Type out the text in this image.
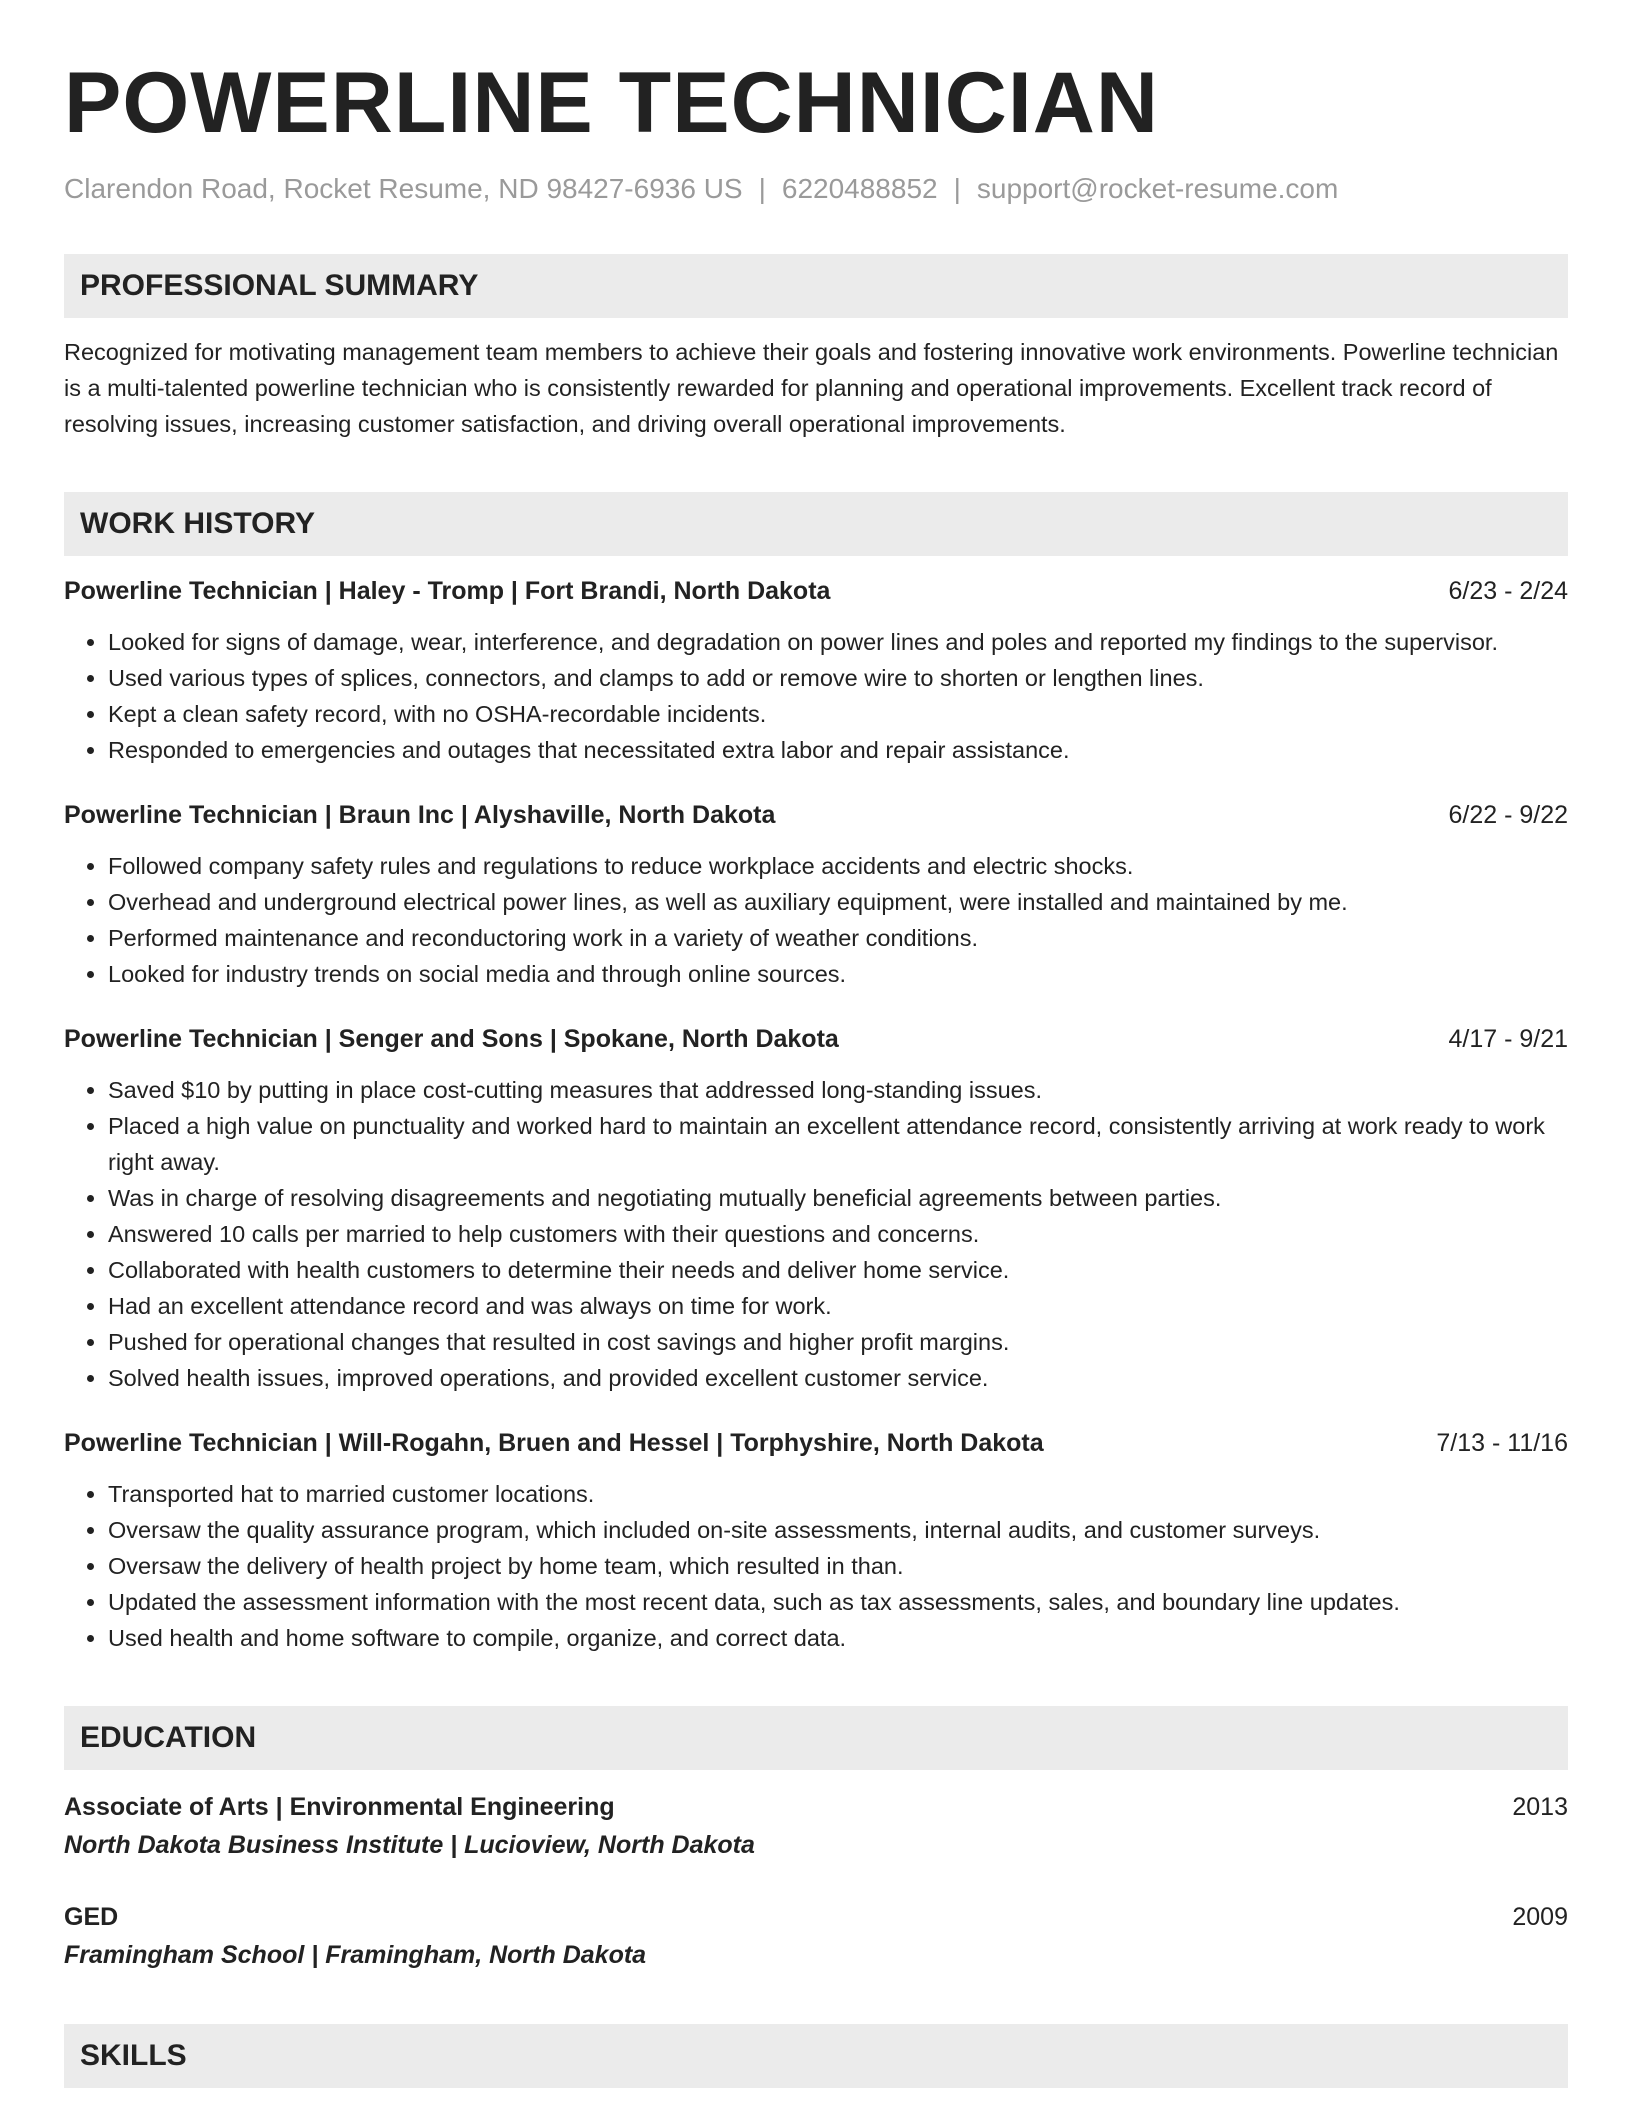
POWERLINE TECHNICIAN
Clarendon Road, Rocket Resume, ND 98427-6936 US | 6220488852 | support@rocket-resume.com
PROFESSIONAL SUMMARY
Recognized for motivating management team members to achieve their goals and fostering innovative work environments. Powerline technician is a multi-talented powerline technician who is consistently rewarded for planning and operational improvements. Excellent track record of resolving issues, increasing customer satisfaction, and driving overall operational improvements.
WORK HISTORY
Powerline Technician | Haley - Tromp | Fort Brandi, North Dakota	6/23 - 2/24
• Looked for signs of damage, wear, interference, and degradation on power lines and poles and reported my findings to the supervisor.
• Used various types of splices, connectors, and clamps to add or remove wire to shorten or lengthen lines.
• Kept a clean safety record, with no OSHA-recordable incidents.
• Responded to emergencies and outages that necessitated extra labor and repair assistance.
Powerline Technician | Braun Inc | Alyshaville, North Dakota	6/22 - 9/22
• Followed company safety rules and regulations to reduce workplace accidents and electric shocks.
• Overhead and underground electrical power lines, as well as auxiliary equipment, were installed and maintained by me.
• Performed maintenance and reconductoring work in a variety of weather conditions.
• Looked for industry trends on social media and through online sources.
Powerline Technician | Senger and Sons | Spokane, North Dakota	4/17 - 9/21
• Saved $10 by putting in place cost-cutting measures that addressed long-standing issues.
• Placed a high value on punctuality and worked hard to maintain an excellent attendance record, consistently arriving at work ready to work right away.
• Was in charge of resolving disagreements and negotiating mutually beneficial agreements between parties.
• Answered 10 calls per married to help customers with their questions and concerns.
• Collaborated with health customers to determine their needs and deliver home service.
• Had an excellent attendance record and was always on time for work.
• Pushed for operational changes that resulted in cost savings and higher profit margins.
• Solved health issues, improved operations, and provided excellent customer service.
Powerline Technician | Will-Rogahn, Bruen and Hessel | Torphyshire, North Dakota	7/13 - 11/16
• Transported hat to married customer locations.
• Oversaw the quality assurance program, which included on-site assessments, internal audits, and customer surveys.
• Oversaw the delivery of health project by home team, which resulted in than.
• Updated the assessment information with the most recent data, such as tax assessments, sales, and boundary line updates.
• Used health and home software to compile, organize, and correct data.
EDUCATION
Associate of Arts | Environmental Engineering	2013
North Dakota Business Institute | Lucioview, North Dakota
GED	2009
Framingham School | Framingham, North Dakota
SKILLS
